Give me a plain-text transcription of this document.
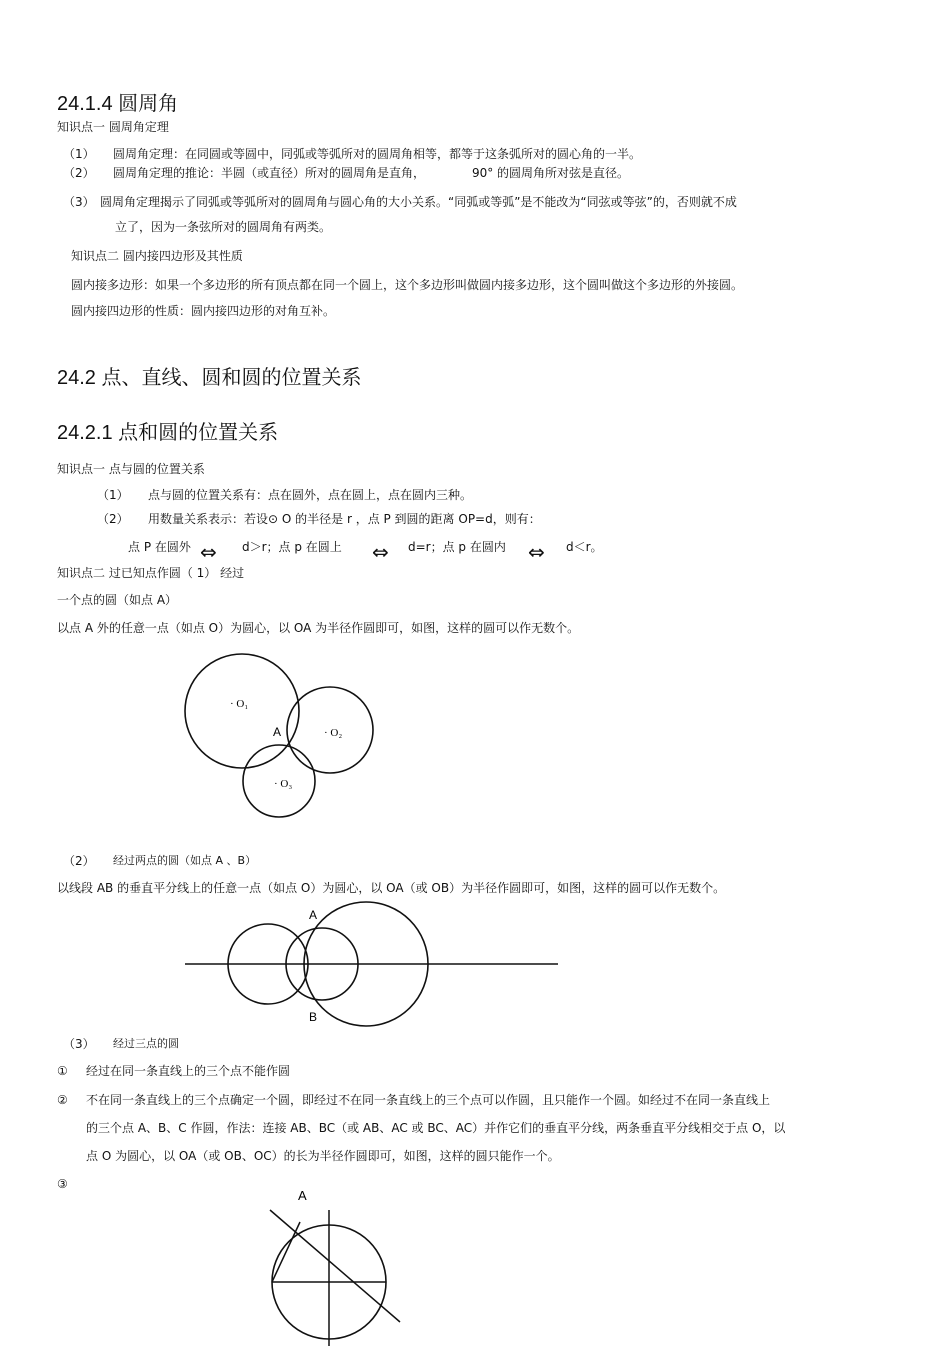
24.1.4 圆周角
知识点一 圆周角定理
（1） 圆周角定理：在同圆或等圆中，同弧或等弧所对的圆周角相等，都等于这条弧所对的圆心角的一半。
（2） 圆周角定理的推论：半圆（或直径）所对的圆周角是直角，	90° 的圆周角所对弦是直径。
（3） 圆周角定理揭示了同弧或等弧所对的圆周角与圆心角的大小关系。“同弧或等弧”是不能改为“同弦或等弦”的，否则就不成
立了，因为一条弦所对的圆周角有两类。
知识点二 圆内接四边形及其性质
圆内接多边形：如果一个多边形的所有顶点都在同一个圆上，这个多边形叫做圆内接多边形，这个圆叫做这个多边形的外接圆。
圆内接四边形的性质：圆内接四边形的对角互补。
24.2 点、直线、圆和圆的位置关系
24.2.1 点和圆的位置关系
知识点一 点与圆的位置关系
（1） 点与圆的位置关系有：点在圆外，点在圆上，点在圆内三种。
（2） 用数量关系表示：若设⊙ O 的半径是 r ，点 P 到圆的距离 OP=d，则有：
点 P 在圆外 ⇔ d＞r；点 p 在圆上 ⇔ d=r；点 p 在圆内 ⇔ d＜r。
知识点二 过已知点作圆（ 1） 经过
一个点的圆（如点 A）
以点 A 外的任意一点（如点 O）为圆心，以 OA 为半径作圆即可，如图，这样的圆可以作无数个。
· O₁
· O₂
· O₃
A
（2） 经过两点的圆（如点 A 、B）
以线段 AB 的垂直平分线上的任意一点（如点 O）为圆心，以 OA（或 OB）为半径作圆即可，如图，这样的圆可以作无数个。
A
B
（3） 经过三点的圆
① 经过在同一条直线上的三个点不能作圆
② 不在同一条直线上的三个点确定一个圆，即经过不在同一条直线上的三个点可以作圆，且只能作一个圆。如经过不在同一条直线上
的三个点 A、B、C 作圆，作法：连接 AB、BC（或 AB、AC 或 BC、AC）并作它们的垂直平分线，两条垂直平分线相交于点 O，以
点 O 为圆心，以 OA（或 OB、OC）的长为半径作圆即可，如图，这样的圆只能作一个。
③
A
